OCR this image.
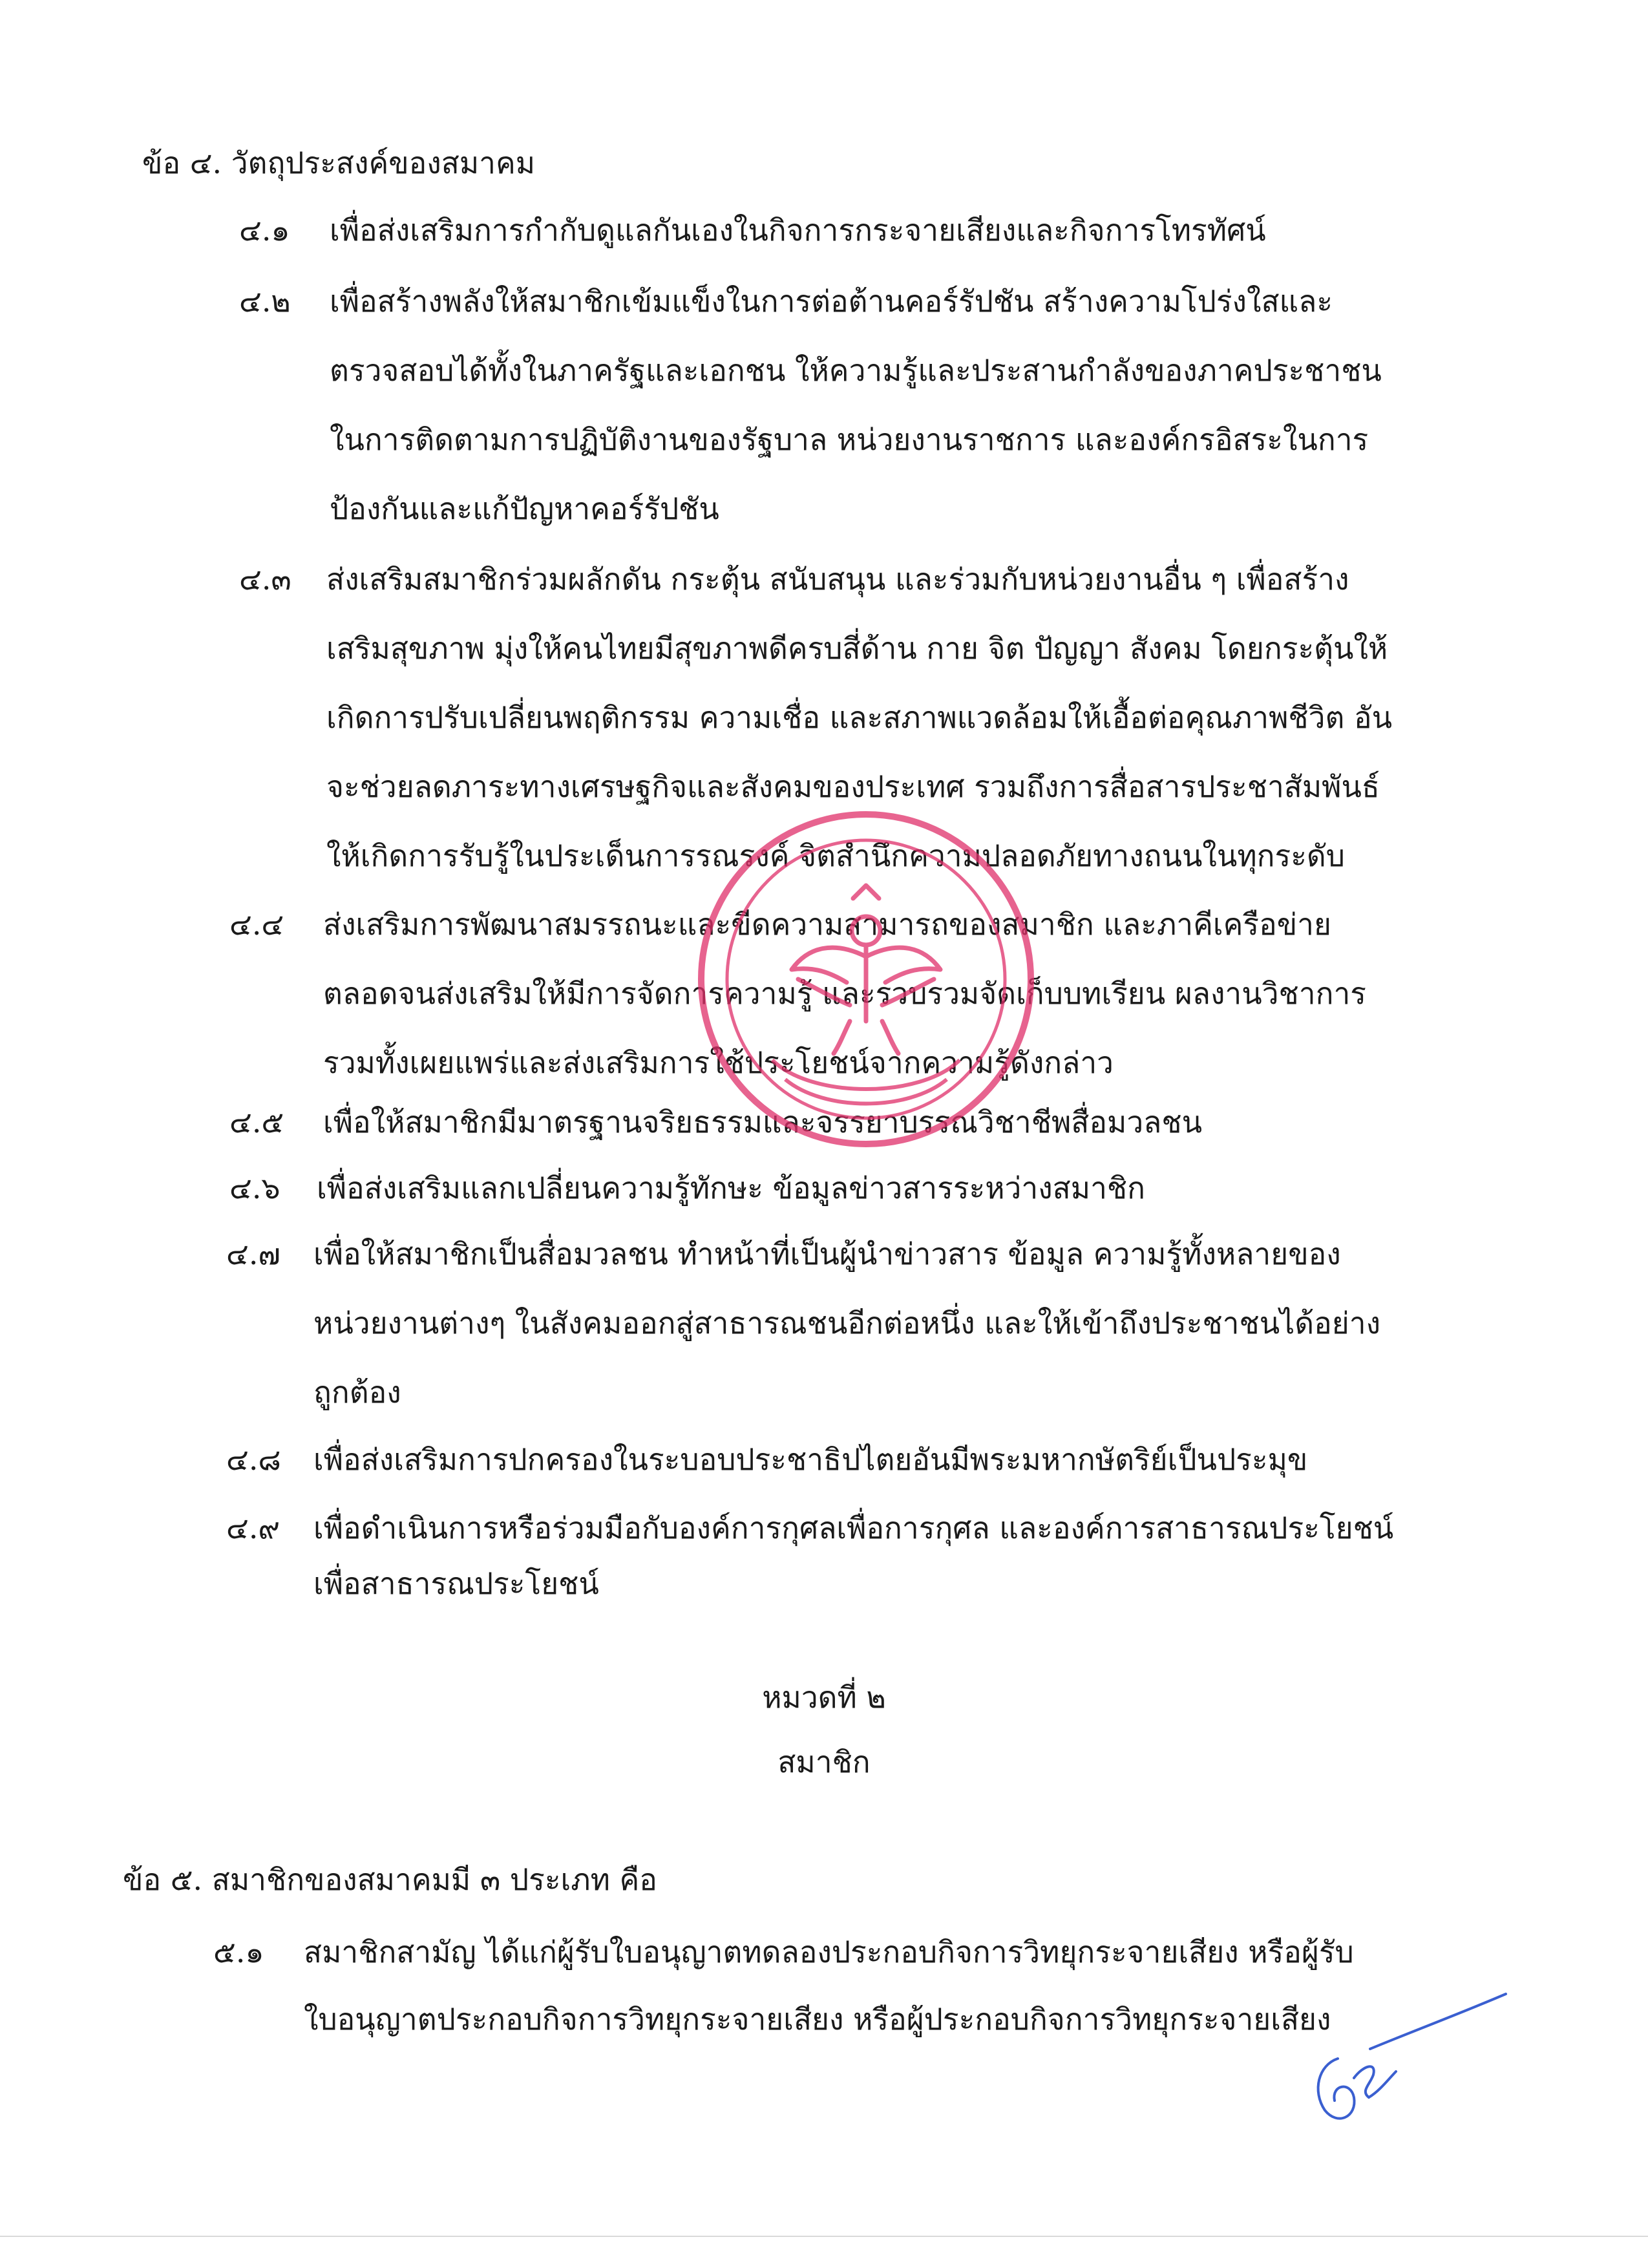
ข้อ ๔. วัตถุประสงค์ของสมาคม
๔.๑ เพื่อส่งเสริมการกำกับดูแลกันเองในกิจการกระจายเสียงและกิจการโทรทัศน์
๔.๒ เพื่อสร้างพลังให้สมาชิกเข้มแข็งในการต่อต้านคอร์รัปชัน สร้างความโปร่งใสและ
ตรวจสอบได้ทั้งในภาครัฐและเอกชน ให้ความรู้และประสานกำลังของภาคประชาชน
ในการติดตามการปฏิบัติงานของรัฐบาล หน่วยงานราชการ และองค์กรอิสระในการ
ป้องกันและแก้ปัญหาคอร์รัปชัน
๔.๓ ส่งเสริมสมาชิกร่วมผลักดัน กระตุ้น สนับสนุน และร่วมกับหน่วยงานอื่น ๆ เพื่อสร้าง
เสริมสุขภาพ มุ่งให้คนไทยมีสุขภาพดีครบสี่ด้าน กาย จิต ปัญญา สังคม โดยกระตุ้นให้
เกิดการปรับเปลี่ยนพฤติกรรม ความเชื่อ และสภาพแวดล้อมให้เอื้อต่อคุณภาพชีวิต อัน
จะช่วยลดภาระทางเศรษฐกิจและสังคมของประเทศ รวมถึงการสื่อสารประชาสัมพันธ์
ให้เกิดการรับรู้ในประเด็นการรณรงค์ จิตสำนึกความปลอดภัยทางถนนในทุกระดับ
๔.๔ ส่งเสริมการพัฒนาสมรรถนะและขีดความสามารถของสมาชิก และภาคีเครือข่าย
ตลอดจนส่งเสริมให้มีการจัดการความรู้ และรวบรวมจัดเก็บบทเรียน ผลงานวิชาการ
รวมทั้งเผยแพร่และส่งเสริมการใช้ประโยชน์จากความรู้ดังกล่าว
๔.๕ เพื่อให้สมาชิกมีมาตรฐานจริยธรรมและจรรยาบรรณวิชาชีพสื่อมวลชน
๔.๖ เพื่อส่งเสริมแลกเปลี่ยนความรู้ทักษะ ข้อมูลข่าวสารระหว่างสมาชิก
๔.๗ เพื่อให้สมาชิกเป็นสื่อมวลชน ทำหน้าที่เป็นผู้นำข่าวสาร ข้อมูล ความรู้ทั้งหลายของ
หน่วยงานต่างๆ ในสังคมออกสู่สาธารณชนอีกต่อหนึ่ง และให้เข้าถึงประชาชนได้อย่าง
ถูกต้อง
๔.๘ เพื่อส่งเสริมการปกครองในระบอบประชาธิปไตยอันมีพระมหากษัตริย์เป็นประมุข
๔.๙ เพื่อดำเนินการหรือร่วมมือกับองค์การกุศลเพื่อการกุศล และองค์การสาธารณประโยชน์
เพื่อสาธารณประโยชน์
หมวดที่ ๒
สมาชิก
ข้อ ๕. สมาชิกของสมาคมมี ๓ ประเภท คือ
๕.๑ สมาชิกสามัญ ได้แก่ผู้รับใบอนุญาตทดลองประกอบกิจการวิทยุกระจายเสียง หรือผู้รับ
ใบอนุญาตประกอบกิจการวิทยุกระจายเสียง หรือผู้ประกอบกิจการวิทยุกระจายเสียง
